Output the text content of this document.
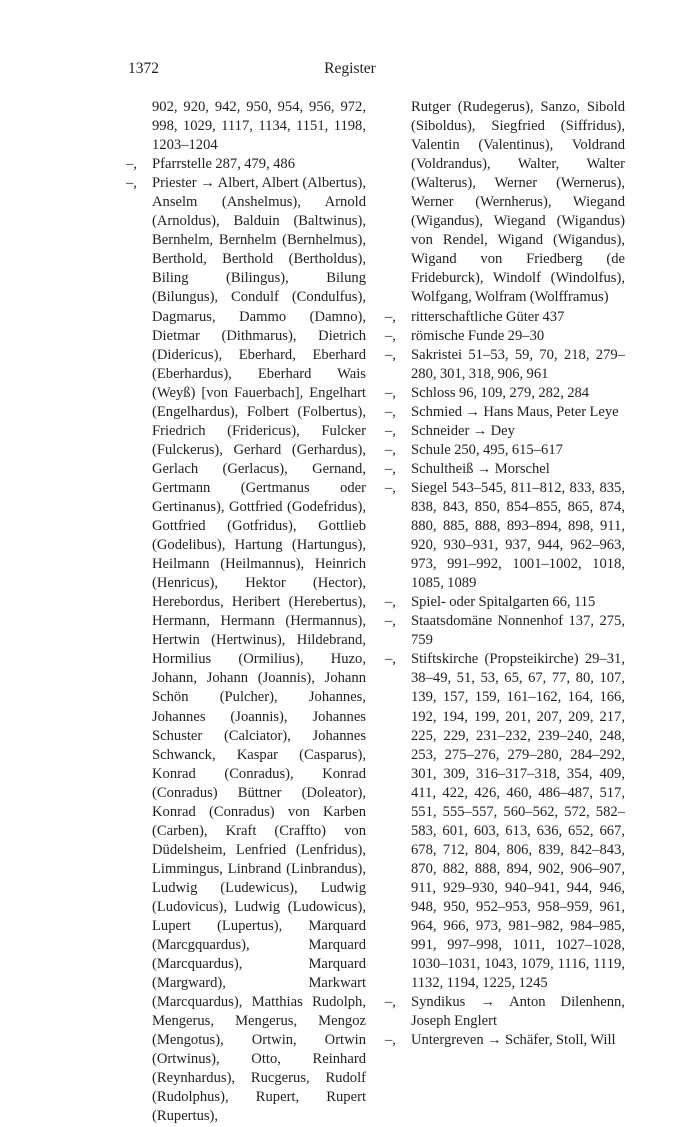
1372	Register

902, 920, 942, 950, 954, 956, 972, 998, 1029, 1117, 1134, 1151, 1198, 1203–1204

–, Pfarrstelle 287, 479, 486

–, Priester → Albert, Albert (Albertus), Anselm (Anshelmus), Arnold (Arnoldus), Balduin (Baltwinus), Bernhelm, Bernhelm (Bernhelmus), Berthold, Berthold (Bertholdus), Biling (Bilingus), Bilung (Bilungus), Condulf (Condulfus), Dagmarus, Dammo (Damno), Dietmar (Dithmarus), Dietrich (Didericus), Eberhard, Eberhard (Eberhardus), Eberhard Wais (Weyß) [von Fauerbach], Engelhart (Engelhardus), Folbert (Folbertus), Friedrich (Fridericus), Fulcker (Fulckerus), Gerhard (Gerhardus), Gerlach (Gerlacus), Gernand, Gertmann (Gertmanus oder Gertinanus), Gottfried (Godefridus), Gottfried (Gotfridus), Gottlieb (Godelibus), Hartung (Hartungus), Heilmann (Heilmannus), Heinrich (Henricus), Hektor (Hector), Herebordus, Heribert (Herebertus), Hermann, Hermann (Hermannus), Hertwin (Hertwinus), Hildebrand, Hormilius (Ormilius), Huzo, Johann, Johann (Joannis), Johann Schön (Pulcher), Johannes, Johannes (Joannis), Johannes Schuster (Calciator), Johannes Schwanck, Kaspar (Casparus), Konrad (Conradus), Konrad (Conradus) Büttner (Doleator), Konrad (Conradus) von Karben (Carben), Kraft (Craffto) von Düdelsheim, Lenfried (Lenfridus), Limmingus, Linbrand (Linbrandus), Ludwig (Ludewicus), Ludwig (Ludovicus), Ludwig (Ludowicus), Lupert (Lupertus), Marquard (Marcgquardus), Marquard (Marcquardus), Marquard (Margward), Markwart (Marcquardus), Matthias Rudolph, Mengerus, Mengerus, Mengoz (Mengotus), Ortwin, Ortwin (Ortwinus), Otto, Reinhard (Reynhardus), Rucgerus, Rudolf (Rudolphus), Rupert, Rupert (Rupertus),

Rutger (Rudegerus), Sanzo, Sibold (Siboldus), Siegfried (Siffridus), Valentin (Valentinus), Voldrand (Voldrandus), Walter, Walter (Walterus), Werner (Wernerus), Werner (Wernherus), Wiegand (Wigandus), Wiegand (Wigandus) von Rendel, Wigand (Wigandus), Wigand von Friedberg (de Frideburck), Windolf (Windolfus), Wolfgang, Wolfram (Wolfframus)

–, ritterschaftliche Güter 437

–, römische Funde 29–30

–, Sakristei 51–53, 59, 70, 218, 279–280, 301, 318, 906, 961

–, Schloss 96, 109, 279, 282, 284

–, Schmied → Hans Maus, Peter Leye

–, Schneider → Dey

–, Schule 250, 495, 615–617

–, Schultheiß → Morschel

–, Siegel 543–545, 811–812, 833, 835, 838, 843, 850, 854–855, 865, 874, 880, 885, 888, 893–894, 898, 911, 920, 930–931, 937, 944, 962–963, 973, 991–992, 1001–1002, 1018, 1085, 1089

–, Spiel- oder Spitalgarten 66, 115

–, Staatsdomäne Nonnenhof 137, 275, 759

–, Stiftskirche (Propsteikirche) 29–31, 38–49, 51, 53, 65, 67, 77, 80, 107, 139, 157, 159, 161–162, 164, 166, 192, 194, 199, 201, 207, 209, 217, 225, 229, 231–232, 239–240, 248, 253, 275–276, 279–280, 284–292, 301, 309, 316–317–318, 354, 409, 411, 422, 426, 460, 486–487, 517, 551, 555–557, 560–562, 572, 582–583, 601, 603, 613, 636, 652, 667, 678, 712, 804, 806, 839, 842–843, 870, 882, 888, 894, 902, 906–907, 911, 929–930, 940–941, 944, 946, 948, 950, 952–953, 958–959, 961, 964, 966, 973, 981–982, 984–985, 991, 997–998, 1011, 1027–1028, 1030–1031, 1043, 1079, 1116, 1119, 1132, 1194, 1225, 1245

–, Syndikus → Anton Dilenhenn, Joseph Englert

–, Untergreven → Schäfer, Stoll, Will
